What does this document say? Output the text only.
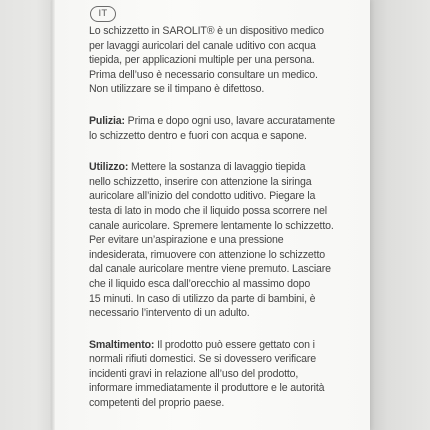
IT

Lo schizzetto in SAROLIT® è un dispositivo medico
per lavaggi auricolari del canale uditivo con acqua
tiepida, per applicazioni multiple per una persona.
Prima dell’uso è necessario consultare un medico.
Non utilizzare se il timpano è difettoso.

Pulizia: Prima e dopo ogni uso, lavare accuratamente
lo schizzetto dentro e fuori con acqua e sapone.

Utilizzo: Mettere la sostanza di lavaggio tiepida
nello schizzetto, inserire con attenzione la siringa
auricolare all’inizio del condotto uditivo. Piegare la
testa di lato in modo che il liquido possa scorrere nel
canale auricolare. Spremere lentamente lo schizzetto.
Per evitare un’aspirazione e una pressione
indesiderata, rimuovere con attenzione lo schizzetto
dal canale auricolare mentre viene premuto. Lasciare
che il liquido esca dall’orecchio al massimo dopo
15 minuti. In caso di utilizzo da parte di bambini, è
necessario l’intervento di un adulto.

Smaltimento: Il prodotto può essere gettato con i
normali rifiuti domestici. Se si dovessero verificare
incidenti gravi in relazione all’uso del prodotto,
informare immediatamente il produttore e le autorità
competenti del proprio paese.
